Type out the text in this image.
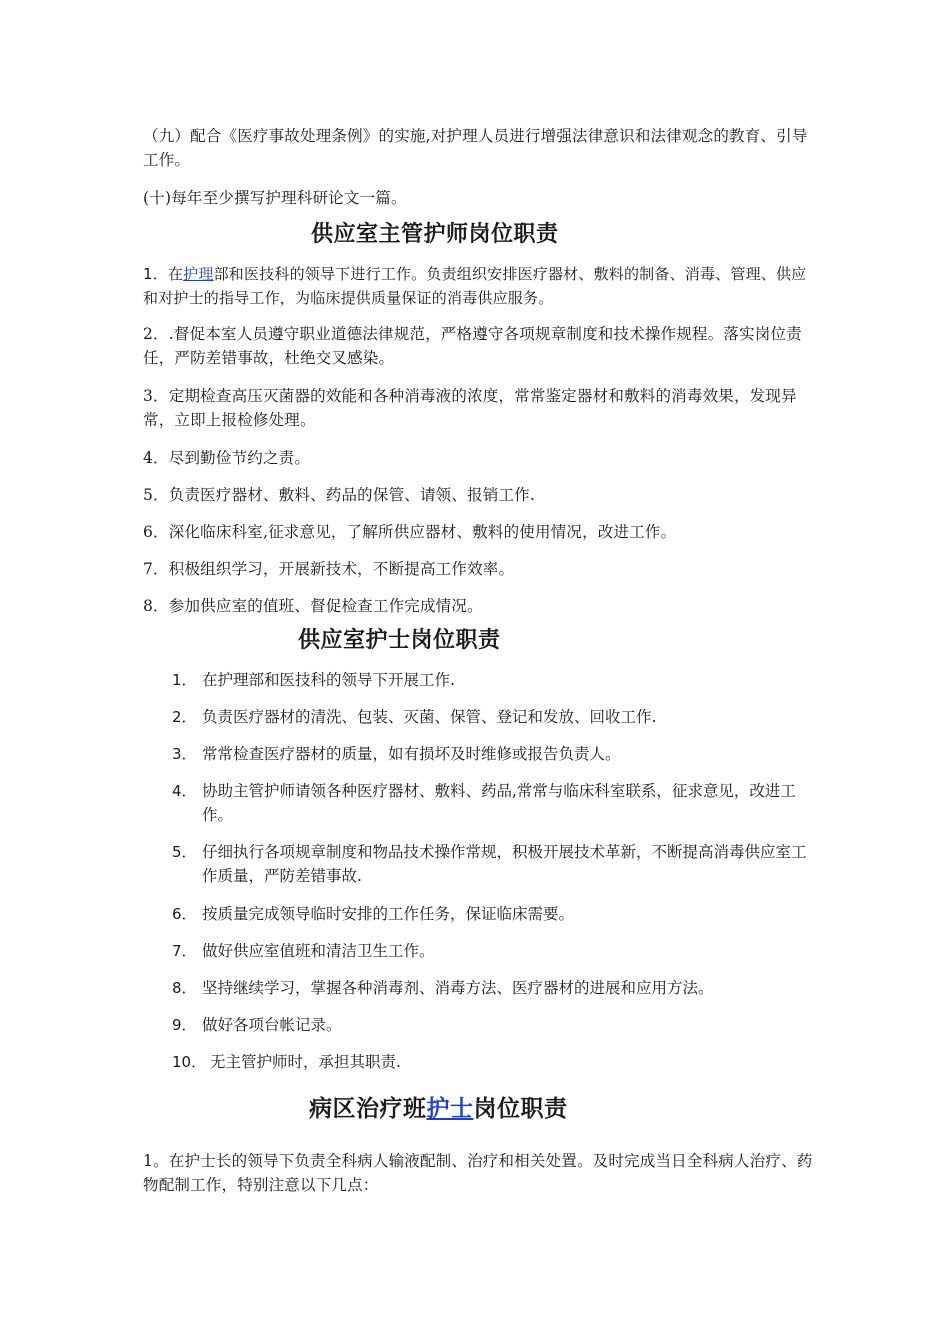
（九）配合《医疗事故处理条例》的实施,对护理人员进行增强法律意识和法律观念的教育、引导工作。

(十)每年至少撰写护理科研论文一篇。

供应室主管护师岗位职责

1．在护理部和医技科的领导下进行工作。负责组织安排医疗器材、敷料的制备、消毒、管理、供应和对护士的指导工作，为临床提供质量保证的消毒供应服务。

2．.督促本室人员遵守职业道德法律规范，严格遵守各项规章制度和技术操作规程。落实岗位责任，严防差错事故，杜绝交叉感染。

3．定期检查高压灭菌器的效能和各种消毒液的浓度，常常鉴定器材和敷料的消毒效果，发现异常，立即上报检修处理。

4．尽到勤俭节约之责。

5．负责医疗器材、敷料、药品的保管、请领、报销工作.

6．深化临床科室,征求意见，了解所供应器材、敷料的使用情况，改进工作。

7．积极组织学习，开展新技术，不断提高工作效率。

8．参加供应室的值班、督促检查工作完成情况。

供应室护士岗位职责
1． 在护理部和医技科的领导下开展工作.
2． 负责医疗器材的清洗、包装、灭菌、保管、登记和发放、回收工作.
3． 常常检查医疗器材的质量，如有损坏及时维修或报告负责人。
4． 协助主管护师请领各种医疗器材、敷料、药品,常常与临床科室联系，征求意见，改进工作。
5． 仔细执行各项规章制度和物品技术操作常规，积极开展技术革新，不断提高消毒供应室工作质量，严防差错事故.
6． 按质量完成领导临时安排的工作任务，保证临床需要。
7． 做好供应室值班和清洁卫生工作。
8． 坚持继续学习，掌握各种消毒剂、消毒方法、医疗器材的进展和应用方法。
9． 做好各项台帐记录。
10． 无主管护师时，承担其职责.
病区治疗班护士岗位职责

1。在护士长的领导下负责全科病人输液配制、治疗和相关处置。及时完成当日全科病人治疗、药物配制工作，特别注意以下几点：
